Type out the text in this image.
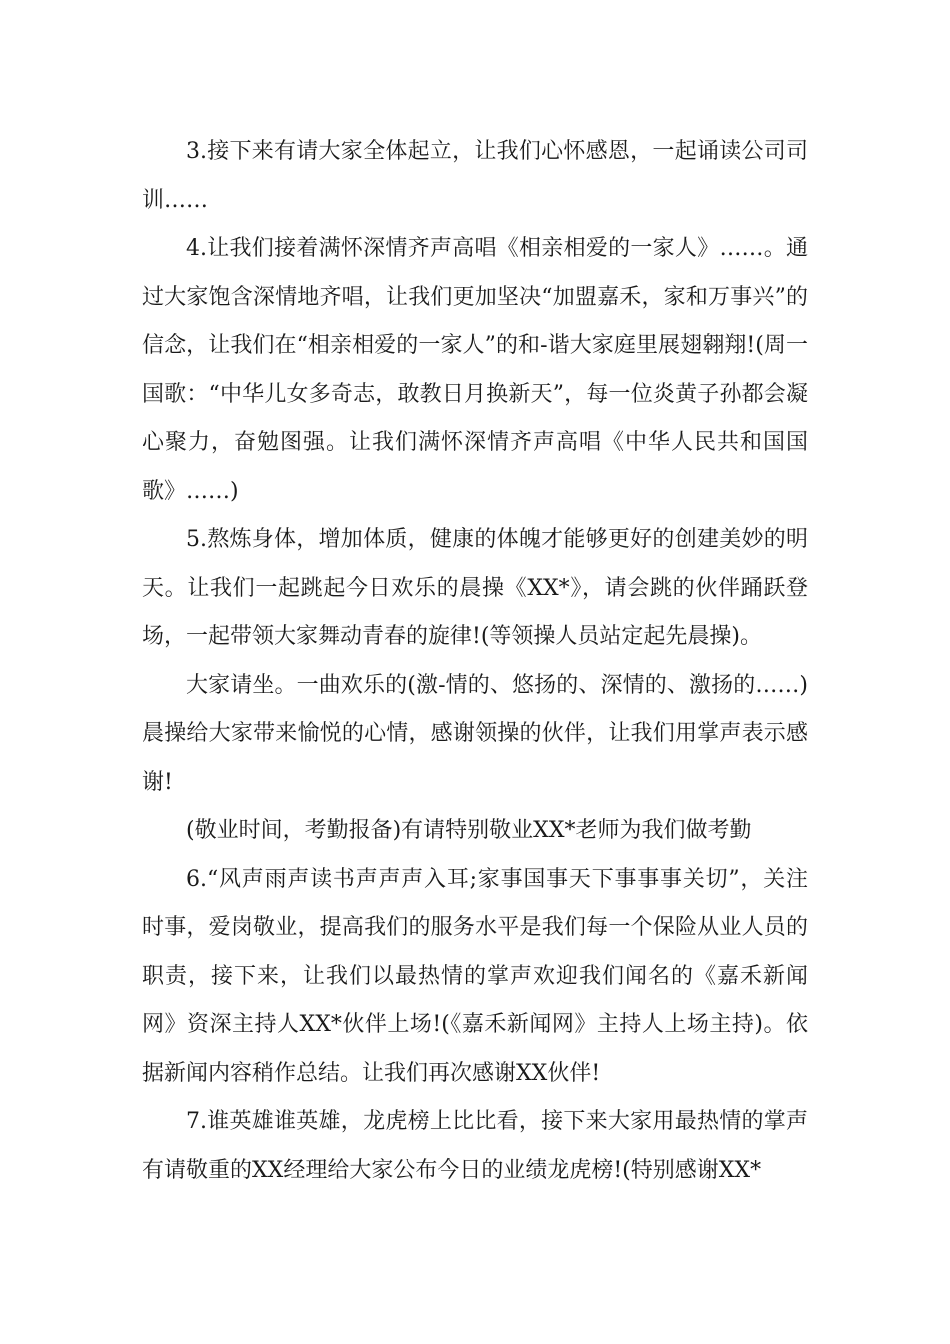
3.接下来有请大家全体起立，让我们心怀感恩，一起诵读公司司训……

4.让我们接着满怀深情齐声高唱《相亲相爱的一家人》……。通过大家饱含深情地齐唱，让我们更加坚决“加盟嘉禾，家和万事兴”的信念，让我们在“相亲相爱的一家人”的和-谐大家庭里展翅翱翔!(周一国歌：“中华儿女多奇志，敢教日月换新天”，每一位炎黄子孙都会凝心聚力，奋勉图强。让我们满怀深情齐声高唱《中华人民共和国国歌》……)

5.熬炼身体，增加体质，健康的体魄才能够更好的创建美妙的明天。让我们一起跳起今日欢乐的晨操《XX*》，请会跳的伙伴踊跃登场，一起带领大家舞动青春的旋律!(等领操人员站定起先晨操)。

大家请坐。一曲欢乐的(激-情的、悠扬的、深情的、激扬的……)晨操给大家带来愉悦的心情，感谢领操的伙伴，让我们用掌声表示感谢!

(敬业时间，考勤报备)有请特别敬业XX*老师为我们做考勤

6.“风声雨声读书声声声入耳;家事国事天下事事事关切”，关注时事，爱岗敬业，提高我们的服务水平是我们每一个保险从业人员的职责，接下来，让我们以最热情的掌声欢迎我们闻名的《嘉禾新闻网》资深主持人XX*伙伴上场!(《嘉禾新闻网》主持人上场主持)。依据新闻内容稍作总结。让我们再次感谢XX伙伴!

7.谁英雄谁英雄，龙虎榜上比比看，接下来大家用最热情的掌声有请敬重的XX经理给大家公布今日的业绩龙虎榜!(特别感谢XX*
